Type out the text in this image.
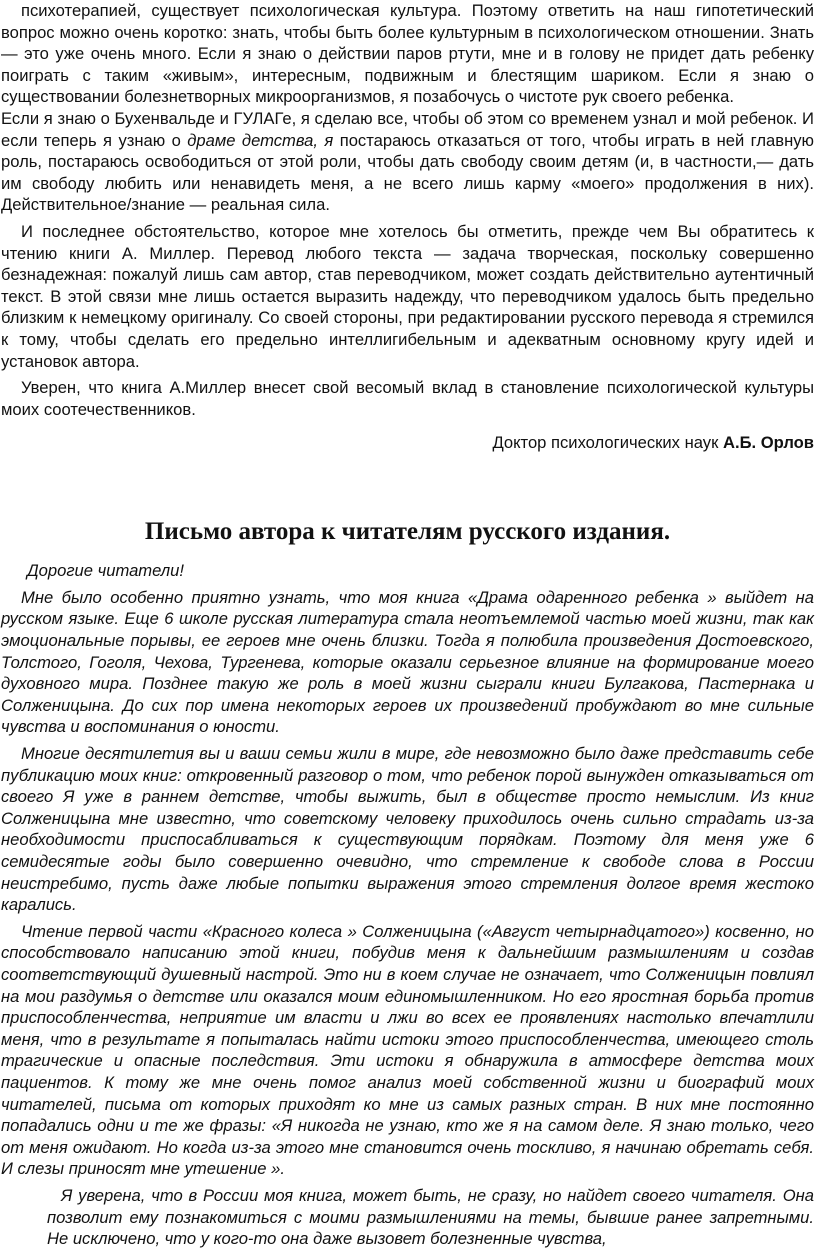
психотерапией, существует психологическая культура. Поэтому ответить на наш гипотетический вопрос можно очень коротко: знать, чтобы быть более культурным в психологическом отношении. Знать — это уже очень много. Если я знаю о действии паров ртути, мне и в голову не придет дать ребенку поиграть с таким «живым», интересным, подвижным и блестящим шариком. Если я знаю о существовании болезнетворных микроорганизмов, я позабочусь о чистоте рук своего ребенка.

Если я знаю о Бухенвальде и ГУЛАГе, я сделаю все, чтобы об этом со временем узнал и мой ребенок. И если теперь я узнаю о драме детства, я постараюсь отказаться от того, чтобы играть в ней главную роль, постараюсь освободиться от этой роли, чтобы дать свободу своим детям (и, в частности,— дать им свободу любить или ненавидеть меня, а не всего лишь карму «моего» продолжения в них). Действительное/знание — реальная сила.

И последнее обстоятельство, которое мне хотелось бы отметить, прежде чем Вы обратитесь к чтению книги А. Миллер. Перевод любого текста — задача творческая, поскольку совершенно безнадежная: пожалуй лишь сам автор, став переводчиком, может создать действительно аутентичный текст. В этой связи мне лишь остается выразить надежду, что переводчиком удалось быть предельно близким к немецкому оригиналу. Со своей стороны, при редактировании русского перевода я стремился к тому, чтобы сделать его предельно интеллигибельным и адекватным основному кругу идей и установок автора.

Уверен, что книга А.Миллер внесет свой весомый вклад в становление психологической культуры моих соотечественников.

Доктор психологических наук А.Б. Орлов

Письмо автора к читателям русского издания.

Дорогие читатели!

Мне было особенно приятно узнать, что моя книга «Драма одаренного ребенка » выйдет на русском языке. Еще 6 школе русская литература стала неотъемлемой частью моей жизни, так как эмоциональные порывы, ее героев мне очень близки. Тогда я полюбила произведения Достоевского, Толстого, Гоголя, Чехова, Тургенева, которые оказали серьезное влияние на формирование моего духовного мира. Позднее такую же роль в моей жизни сыграли книги Булгакова, Пастернака и Солженицына. До сих пор имена некоторых героев их произведений пробуждают во мне сильные чувства и воспоминания о юности.

Многие десятилетия вы и ваши семьи жили в мире, где невозможно было даже представить себе публикацию моих книг: откровенный разговор о том, что ребенок порой вынужден отказываться от своего Я уже в раннем детстве, чтобы выжить, был в обществе просто немыслим. Из книг Солженицына мне известно, что советскому человеку приходилось очень сильно страдать из-за необходимости приспосабливаться к существующим порядкам. Поэтому для меня уже 6 семидесятые годы было совершенно очевидно, что стремление к свободе слова в России неистребимо, пусть даже любые попытки выражения этого стремления долгое время жестоко карались.

Чтение первой части «Красного колеса » Солженицына («Август четырнадцатого») косвенно, но способствовало написанию этой книги, побудив меня к дальнейшим размышлениям и создав соответствующий душевный настрой. Это ни в коем случае не означает, что Солженицын повлиял на мои раздумья о детстве или оказался моим единомышленником. Но его яростная борьба против приспособленчества, неприятие им власти и лжи во всех ее проявлениях настолько впечатлили меня, что в результате я попыталась найти истоки этого приспособленчества, имеющего столь трагические и опасные последствия. Эти истоки я обнаружила в атмосфере детства моих пациентов. К тому же мне очень помог анализ моей собственной жизни и биографий моих читателей, письма от которых приходят ко мне из самых разных стран. В них мне постоянно попадались одни и те же фразы: «Я никогда не узнаю, кто же я на самом деле. Я знаю только, чего от меня ожидают. Но когда из-за этого мне становится очень тоскливо, я начинаю обретать себя. И слезы приносят мне утешение ».

Я уверена, что в России моя книга, может быть, не сразу, но найдет своего читателя. Она позволит ему познакомиться с моими размышлениями на темы, бывшие ранее запретными. Не исключено, что у кого-то она даже вызовет болезненные чувства,
